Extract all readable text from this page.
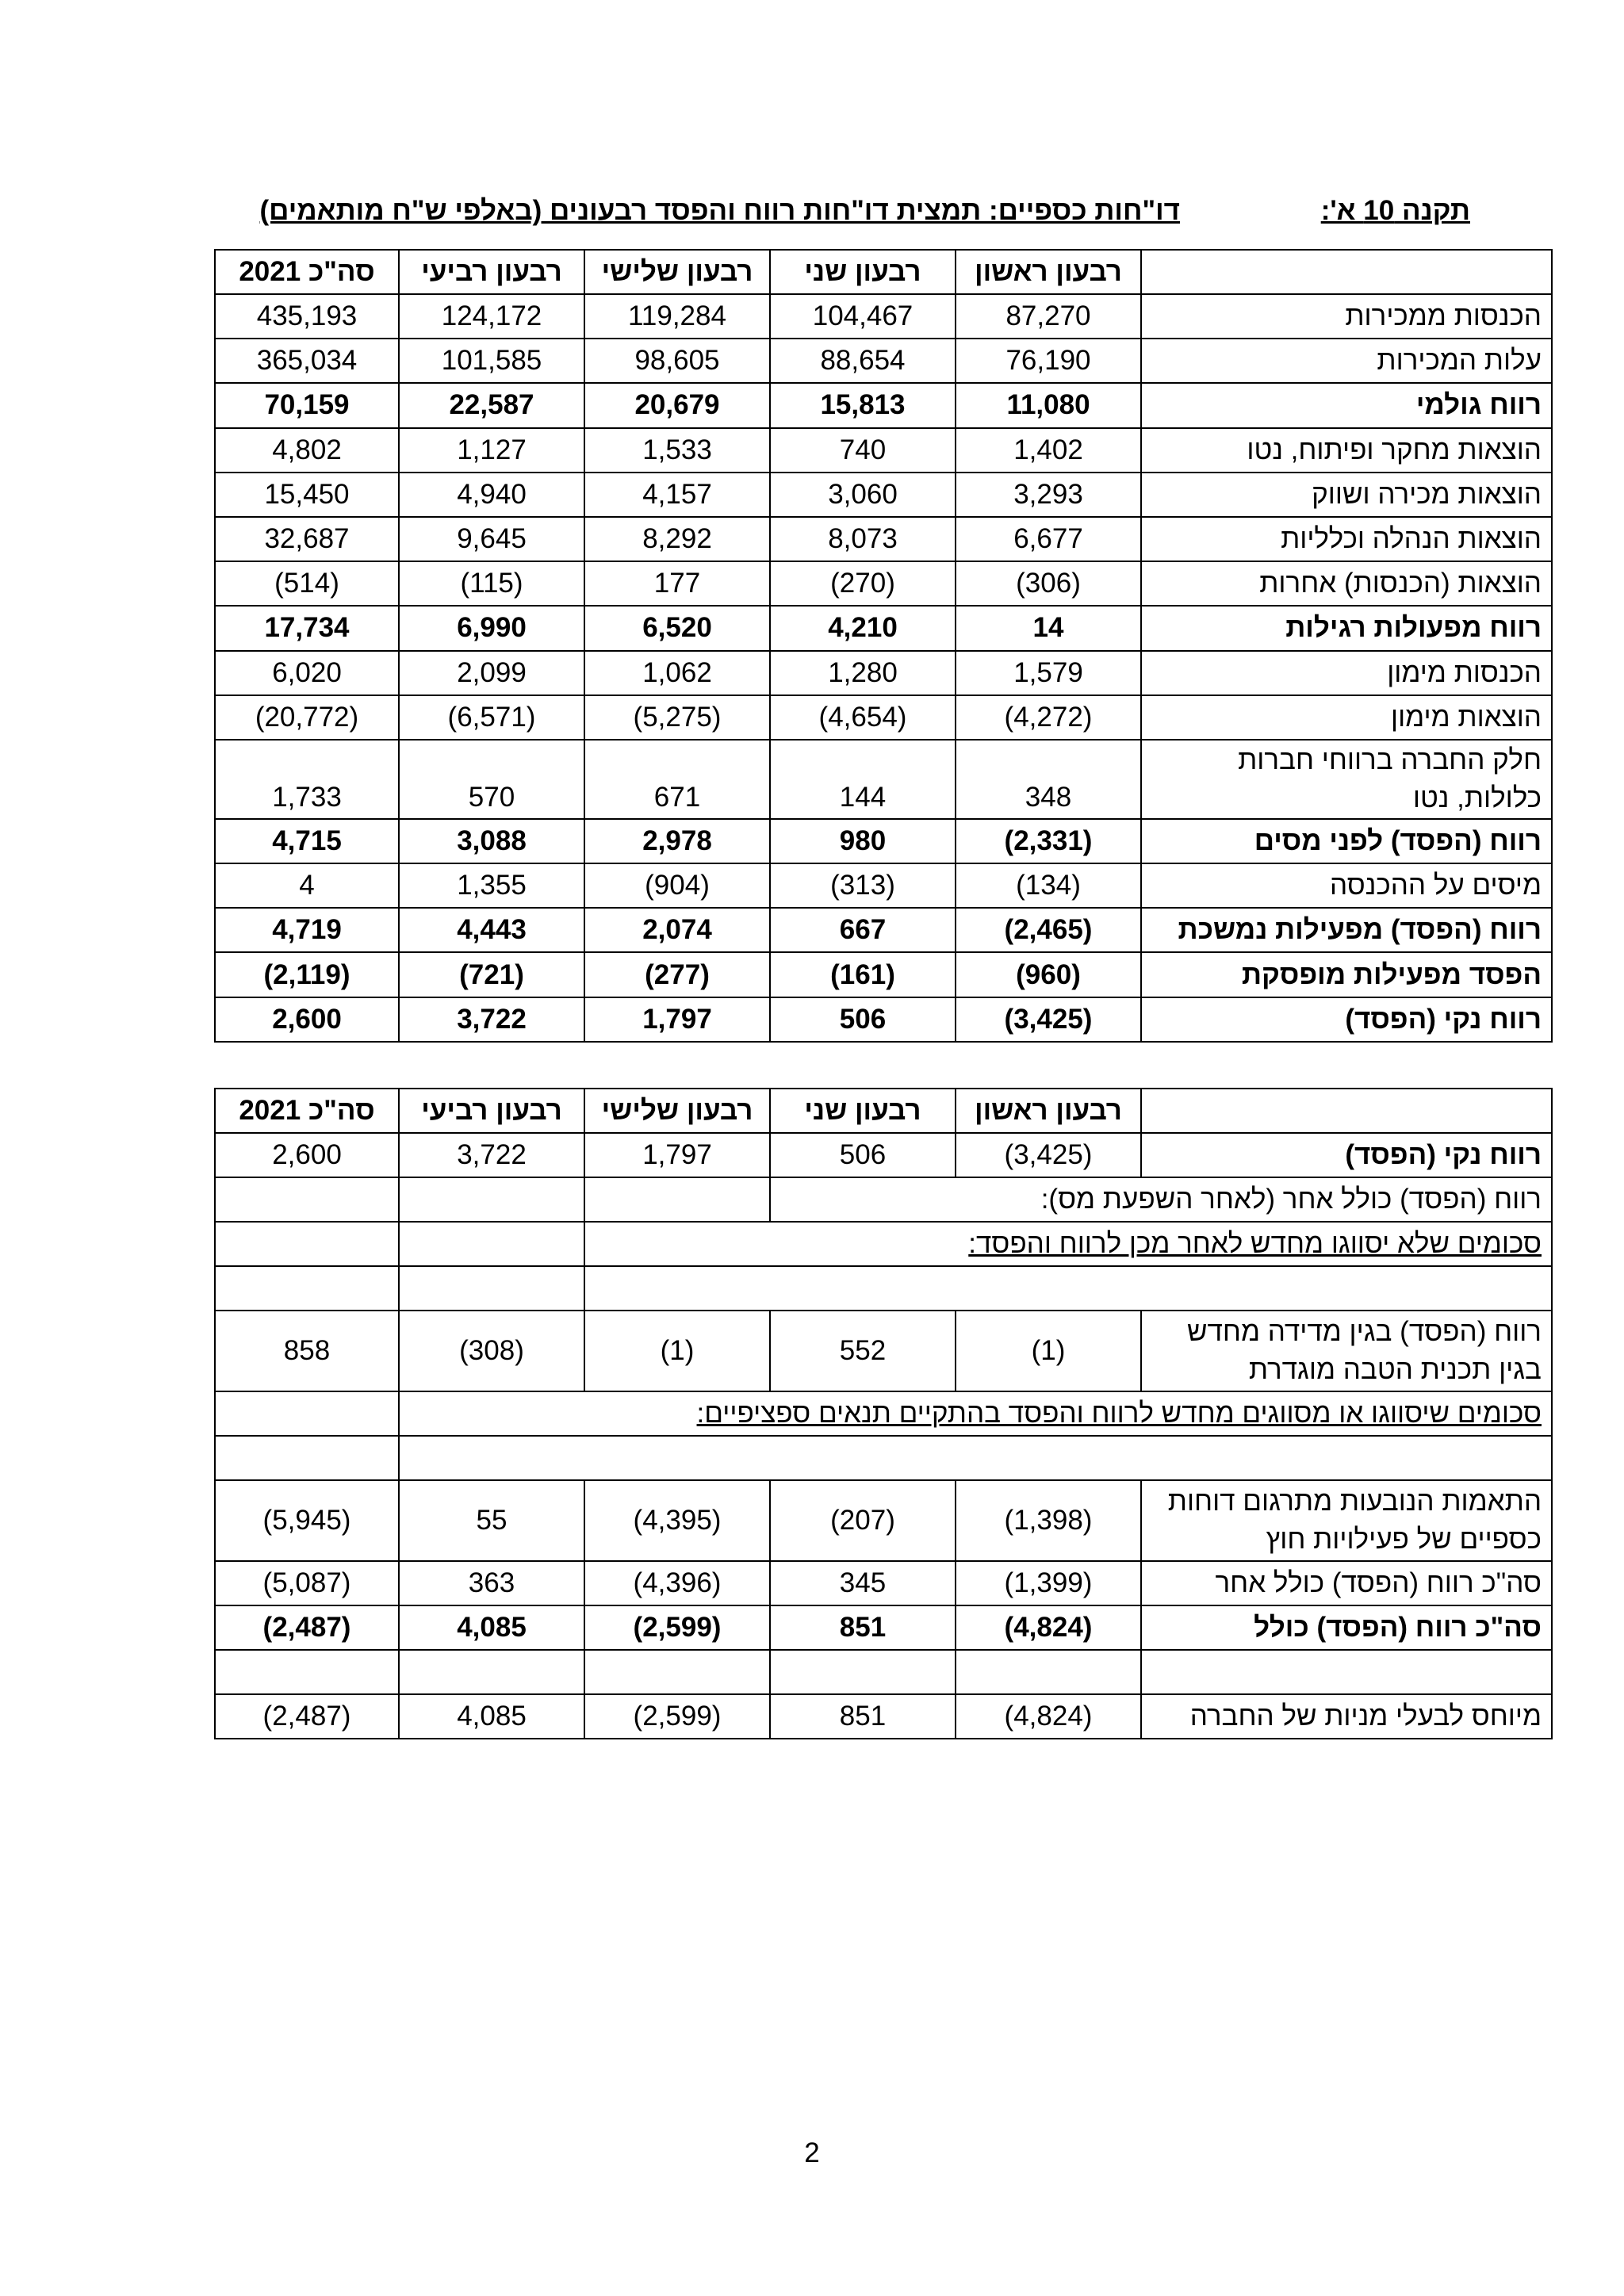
תקנה 10 א':
דו"חות כספיים: תמצית דו"חות רווח והפסד רבעונים (באלפי ש"ח מותאמים)
	רבעון ראשון	רבעון שני	רבעון שלישי	רבעון רביעי	סה"כ 2021
הכנסות ממכירות	87,270	104,467	119,284	124,172	435,193
עלות המכירות	76,190	88,654	98,605	101,585	365,034
רווח גולמי	11,080	15,813	20,679	22,587	70,159
הוצאות מחקר ופיתוח, נטו	1,402	740	1,533	1,127	4,802
הוצאות מכירה ושווק	3,293	3,060	4,157	4,940	15,450
הוצאות הנהלה וכלליות	6,677	8,073	8,292	9,645	32,687
הוצאות (הכנסות) אחרות	(306)	(270)	177	(115)	(514)
רווח מפעולות רגילות	14	4,210	6,520	6,990	17,734
הכנסות מימון	1,579	1,280	1,062	2,099	6,020
הוצאות מימון	(4,272)	(4,654)	(5,275)	(6,571)	(20,772)
חלק החברה ברווחי חברות כלולות, נטו	348	144	671	570	1,733
רווח (הפסד) לפני מסים	(2,331)	980	2,978	3,088	4,715
מיסים על ההכנסה	(134)	(313)	(904)	1,355	4
רווח (הפסד) מפעילות נמשכת	(2,465)	667	2,074	4,443	4,719
הפסד מפעילות מופסקת	(960)	(161)	(277)	(721)	(2,119)
רווח נקי (הפסד)	(3,425)	506	1,797	3,722	2,600
	רבעון ראשון	רבעון שני	רבעון שלישי	רבעון רביעי	סה"כ 2021
רווח נקי (הפסד)	(3,425)	506	1,797	3,722	2,600
רווח (הפסד) כולל אחר (לאחר השפעת מס):					
סכומים שלא יסווגו מחדש לאחר מכן לרווח והפסד:					

רווח (הפסד) בגין מדידה מחדש בגין תכנית הטבה מוגדרת	(1)	552	(1)	(308)	858
סכומים שיסווגו או מסווגים מחדש לרווח והפסד בהתקיים תנאים ספציפיים:					

התאמות הנובעות מתרגום דוחות כספיים של פעילויות חוץ	(1,398)	(207)	(4,395)	55	(5,945)
סה"כ רווח (הפסד) כולל אחר	(1,399)	345	(4,396)	363	(5,087)
סה"כ רווח (הפסד) כולל	(4,824)	851	(2,599)	4,085	(2,487)

מיוחס לבעלי מניות של החברה	(4,824)	851	(2,599)	4,085	(2,487)
2
